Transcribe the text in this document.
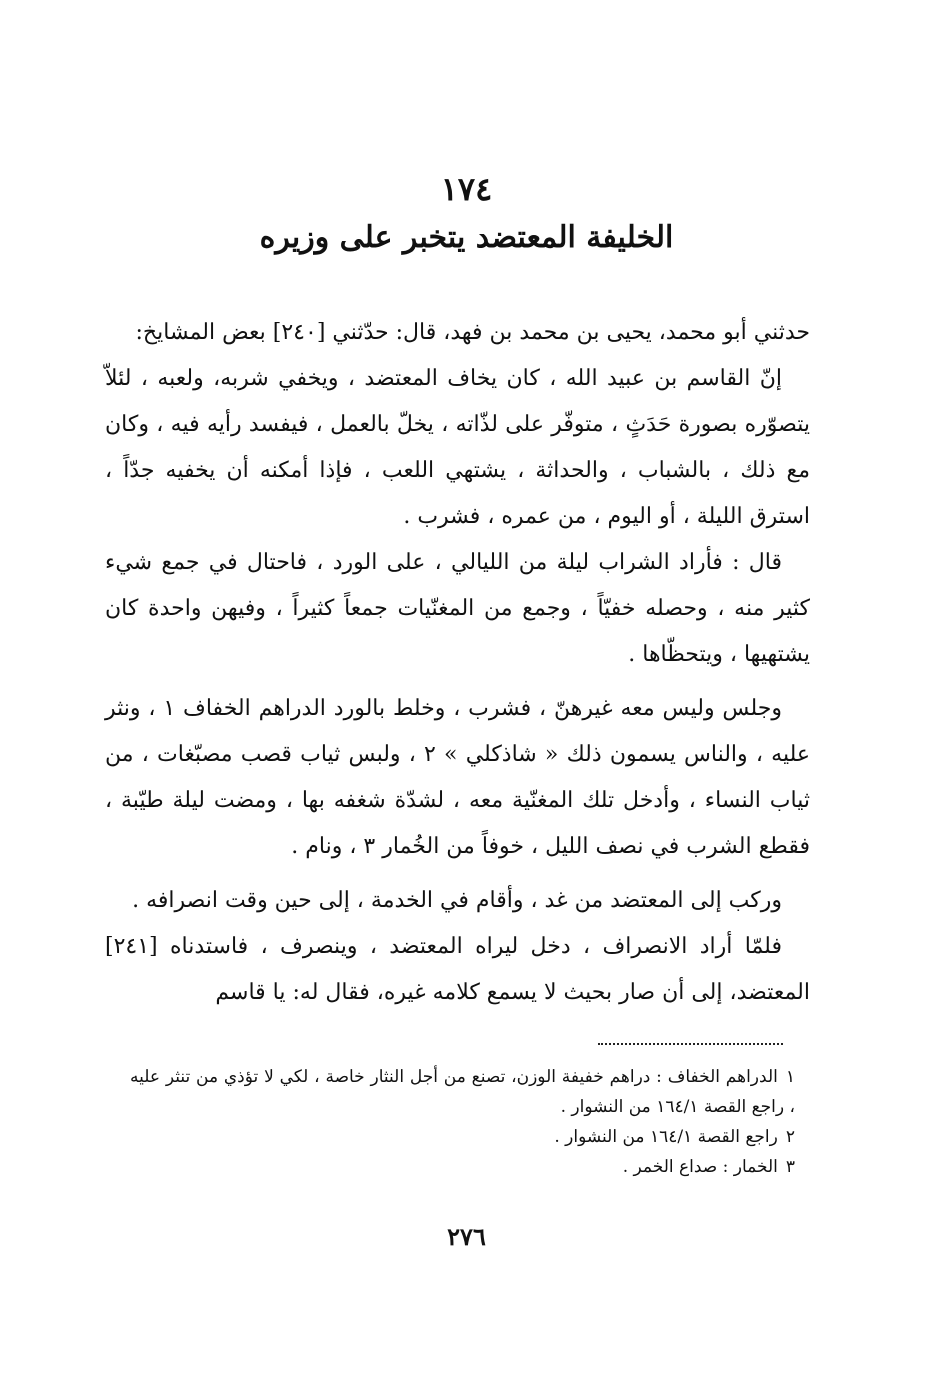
١٧٤
الخليفة المعتضد يتخبر على وزيره

حدثني أبو محمد، يحيى بن محمد بن فهد، قال: حدّثني [٢٤٠] بعض المشايخ:

إنّ القاسم بن عبيد الله ، كان يخاف المعتضد ، ويخفي شربه، ولعبه ، لئلاّ يتصوّره بصورة حَدَثٍ ، متوفّر على لذّاته ، يخلّ بالعمل ، فيفسد رأيه فيه ، وكان مع ذلك ، بالشباب ، والحداثة ، يشتهي اللعب ، فإذا أمكنه أن يخفيه جدّاً ، استرق الليلة ، أو اليوم ، من عمره ، فشرب .

قال : فأراد الشراب ليلة من الليالي ، على الورد ، فاحتال في جمع شيء كثير منه ، وحصله خفيّاً ، وجمع من المغنّيات جمعاً كثيراً ، وفيهن واحدة كان يشتهيها ، ويتحظّاها .

وجلس وليس معه غيرهنّ ، فشرب ، وخلط بالورد الدراهم الخفاف ١ ، ونثر عليه ، والناس يسمون ذلك « شاذكلي » ٢ ، ولبس ثياب قصب مصبّغات ، من ثياب النساء ، وأدخل تلك المغنّية معه ، لشدّة شغفه بها ، ومضت ليلة طيّبة ، فقطع الشرب في نصف الليل ، خوفاً من الخُمار ٣ ، ونام .

وركب إلى المعتضد من غد ، وأقام في الخدمة ، إلى حين وقت انصرافه .

فلمّا أراد الانصراف ، دخل ليراه المعتضد ، وينصرف ، فاستدناه [٢٤١] المعتضد، إلى أن صار بحيث لا يسمع كلامه غيره، فقال له: يا قاسم

١الدراهم الخفاف : دراهم خفيفة الوزن، تصنع من أجل النثار خاصة ، لكي لا تؤذي من تنثر عليه ، راجع القصة ١٦٤/١ من النشوار .

٢راجع القصة ١٦٤/١ من النشوار .

٣الخمار : صداع الخمر .

٢٧٦
